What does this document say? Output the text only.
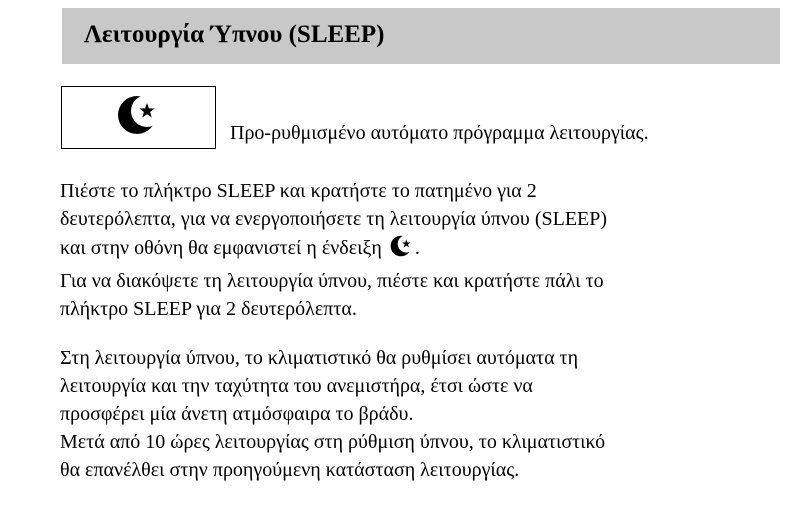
Λειτουργία Ύπνου (SLEEP)
Προ-ρυθμισμένο αυτόματο πρόγραμμα λειτουργίας.

Πιέστε το πλήκτρο SLEEP και κρατήστε το πατημένο για 2
δευτερόλεπτα, για να ενεργοποιήσετε τη λειτουργία ύπνου (SLEEP)
και στην οθόνη θα εμφανιστεί η ένδειξη .
Για να διακόψετε τη λειτουργία ύπνου, πιέστε και κρατήστε πάλι το
πλήκτρο SLEEP για 2 δευτερόλεπτα.

Στη λειτουργία ύπνου, το κλιματιστικό θα ρυθμίσει αυτόματα τη
λειτουργία και την ταχύτητα του ανεμιστήρα, έτσι ώστε να
προσφέρει μία άνετη ατμόσφαιρα το βράδυ.
Μετά από 10 ώρες λειτουργίας στη ρύθμιση ύπνου, το κλιματιστικό
θα επανέλθει στην προηγούμενη κατάσταση λειτουργίας.
